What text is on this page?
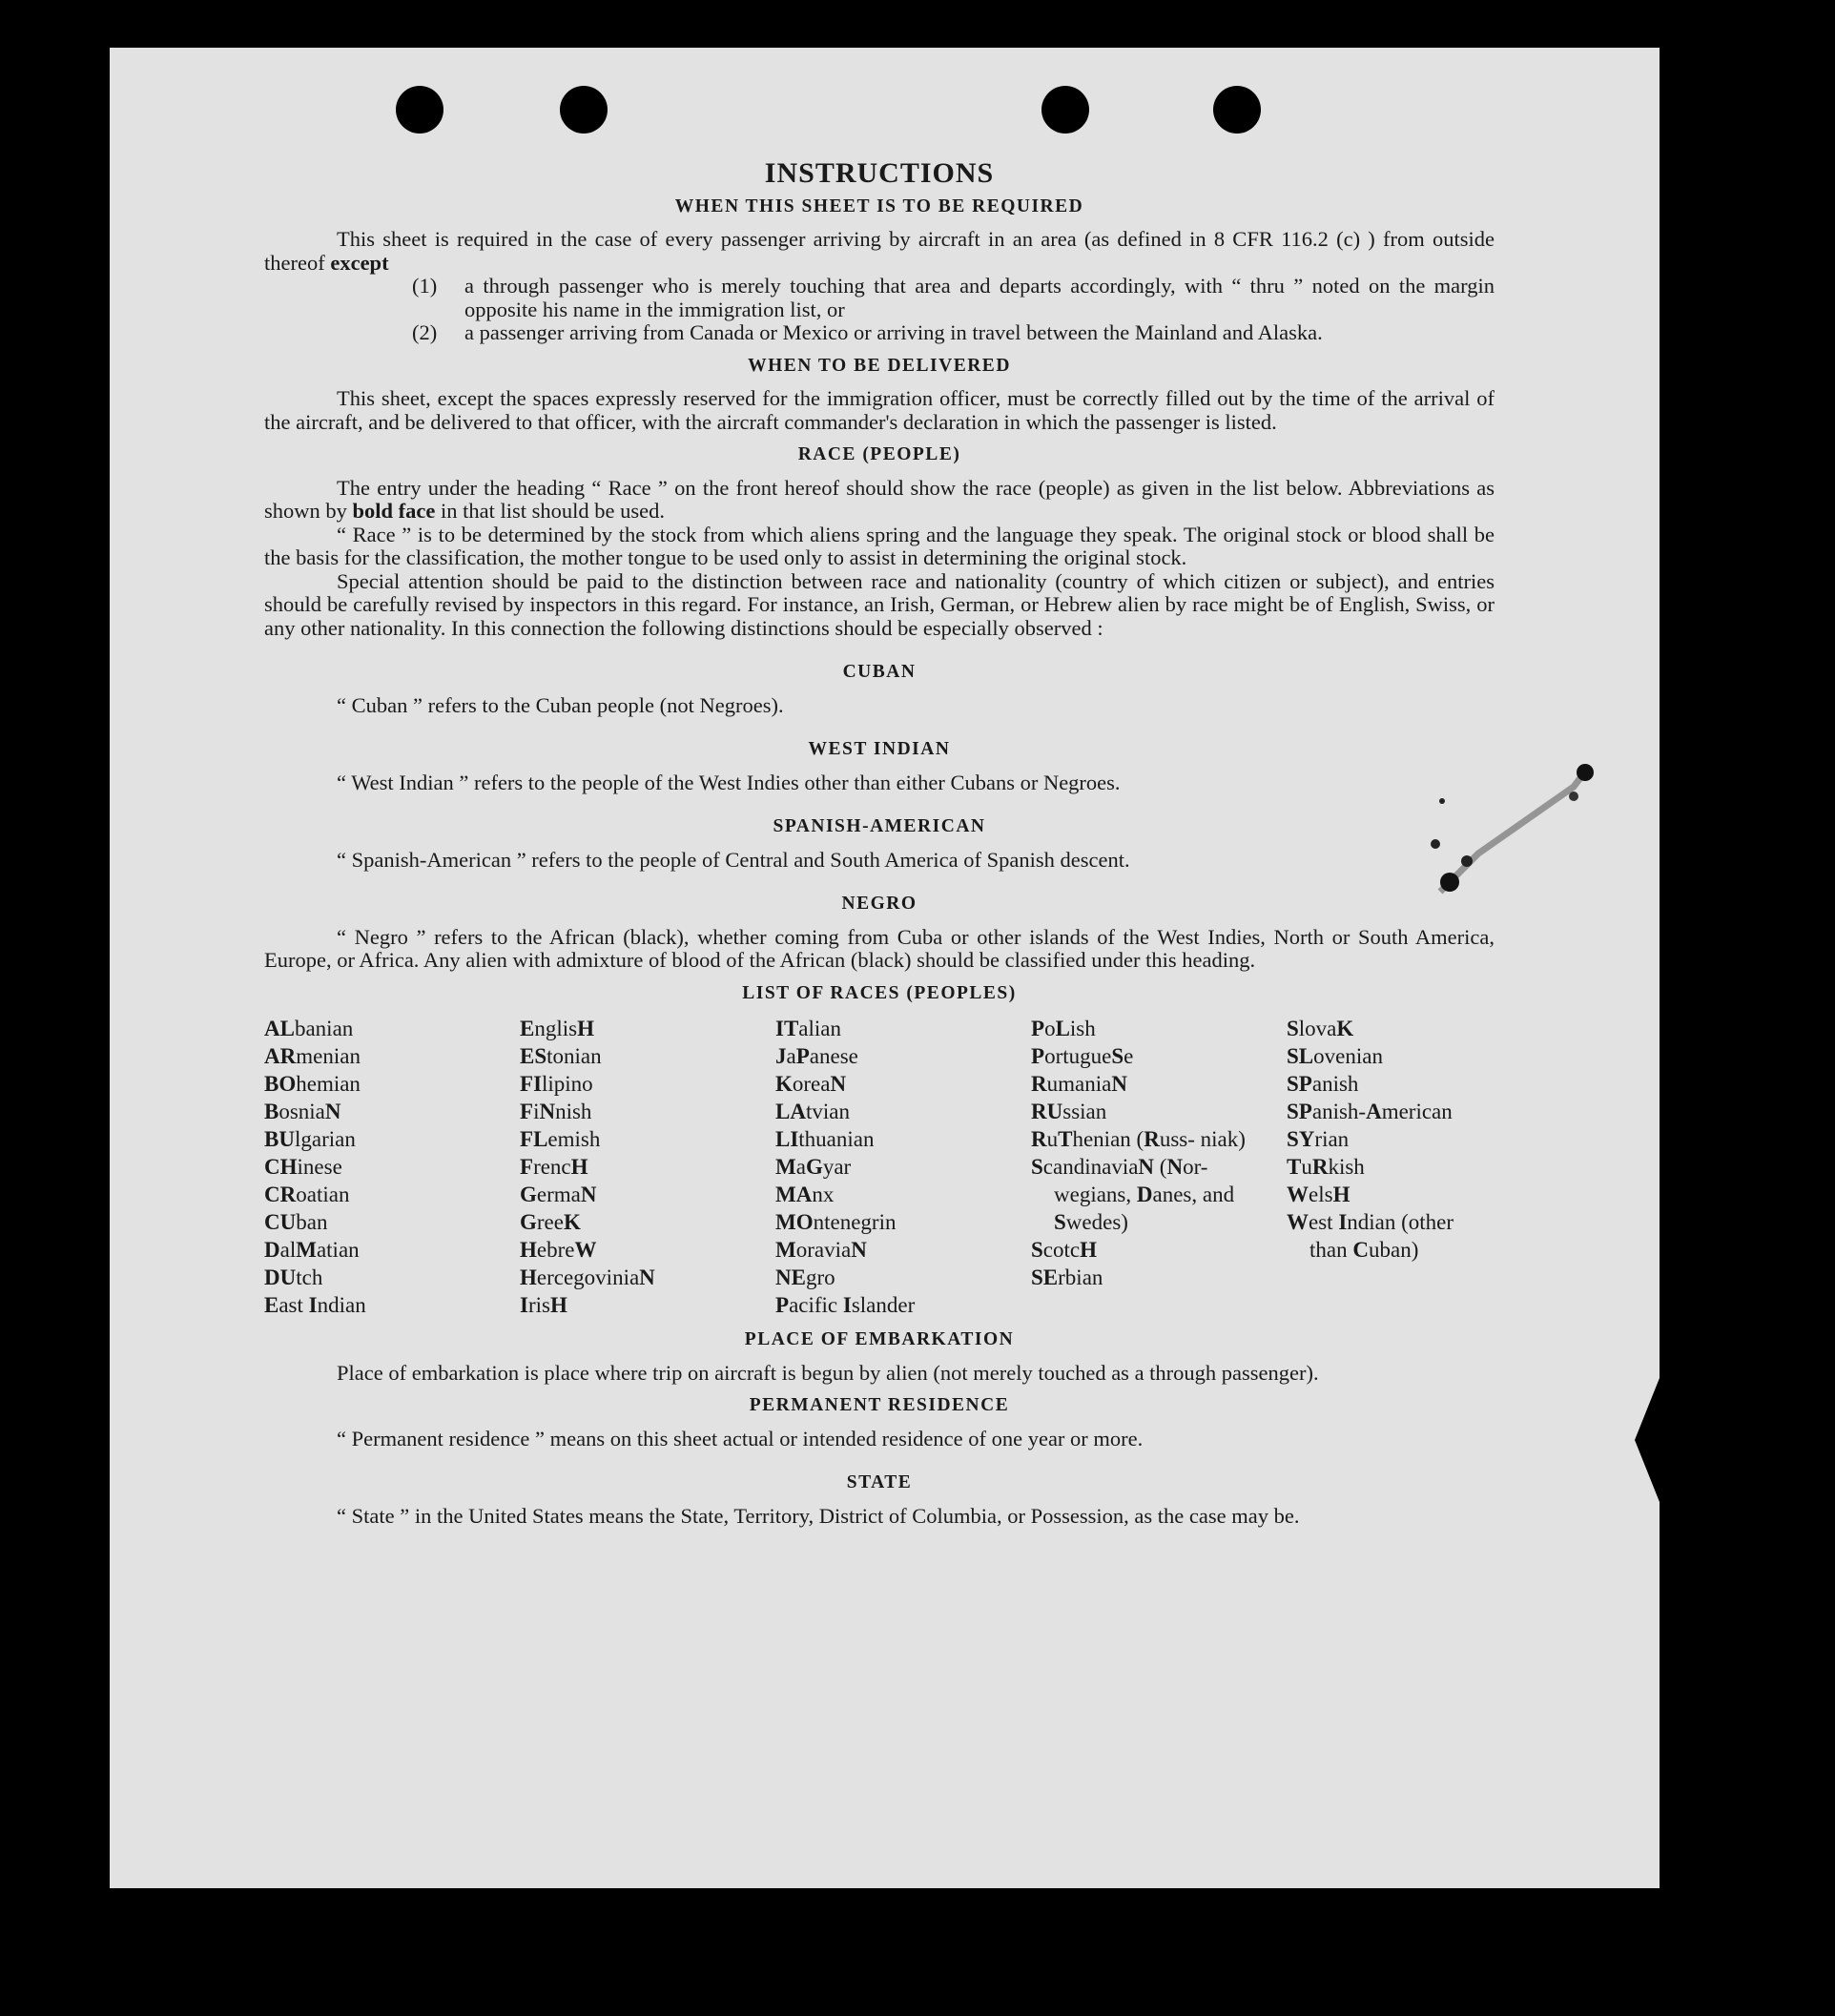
INSTRUCTIONS
WHEN THIS SHEET IS TO BE REQUIRED

This sheet is required in the case of every passenger arriving by aircraft in an area (as defined in 8 CFR 116.2 (c) ) from outside thereof except

(1)	a through passenger who is merely touching that area and departs accordingly, with “ thru ” noted on the margin opposite his name in the immigration list, or

(2)	a passenger arriving from Canada or Mexico or arriving in travel between the Mainland and Alaska.

WHEN TO BE DELIVERED

This sheet, except the spaces expressly reserved for the immigration officer, must be correctly filled out by the time of the arrival of the aircraft, and be delivered to that officer, with the aircraft commander's declaration in which the passenger is listed.

RACE (PEOPLE)

The entry under the heading “ Race ” on the front hereof should show the race (people) as given in the list below. Abbreviations as shown by bold face in that list should be used.

“ Race ” is to be determined by the stock from which aliens spring and the language they speak. The original stock or blood shall be the basis for the classification, the mother tongue to be used only to assist in determining the original stock.

Special attention should be paid to the distinction between race and nationality (country of which citizen or subject), and entries should be carefully revised by inspectors in this regard. For instance, an Irish, German, or Hebrew alien by race might be of English, Swiss, or any other nationality. In this connection the following distinctions should be especially observed :

CUBAN

“ Cuban ” refers to the Cuban people (not Negroes).

WEST INDIAN

“ West Indian ” refers to the people of the West Indies other than either Cubans or Negroes.

SPANISH-AMERICAN

“ Spanish-American ” refers to the people of Central and South America of Spanish descent.

NEGRO

“ Negro ” refers to the African (black), whether coming from Cuba or other islands of the West Indies, North or South America, Europe, or Africa. Any alien with admixture of blood of the African (black) should be classified under this heading.

LIST OF RACES (PEOPLES)
ALbanian
ARmenian
BOhemian
BosniaN
BUlgarian
CHinese
CRoatian
CUban
DalMatian
DUtch
East Indian
EnglisH
EStonian
FIlipino
FiNnish
FLemish
FrencH
GermaN
GreeK
HebreW
HercegoviniaN
IrisH
ITalian
JaPanese
KoreaN
LAtvian
LIthuanian
MaGyar
MAnx
MOntenegrin
MoraviaN
NEgro
Pacific Islander
PoLish
PortugueSe
RumaniaN
RUssian
RuThenian (Russ- niak)
ScandinaviaN (Nor- wegians, Danes, and Swedes)
ScotcH
SErbian
SlovaK
SLovenian
SPanish
SPanish-American
SYrian
TuRkish
WelsH
West Indian (other than Cuban)
PLACE OF EMBARKATION

Place of embarkation is place where trip on aircraft is begun by alien (not merely touched as a through passenger).

PERMANENT RESIDENCE

“ Permanent residence ” means on this sheet actual or intended residence of one year or more.

STATE

“ State ” in the United States means the State, Territory, District of Columbia, or Possession, as the case may be.
